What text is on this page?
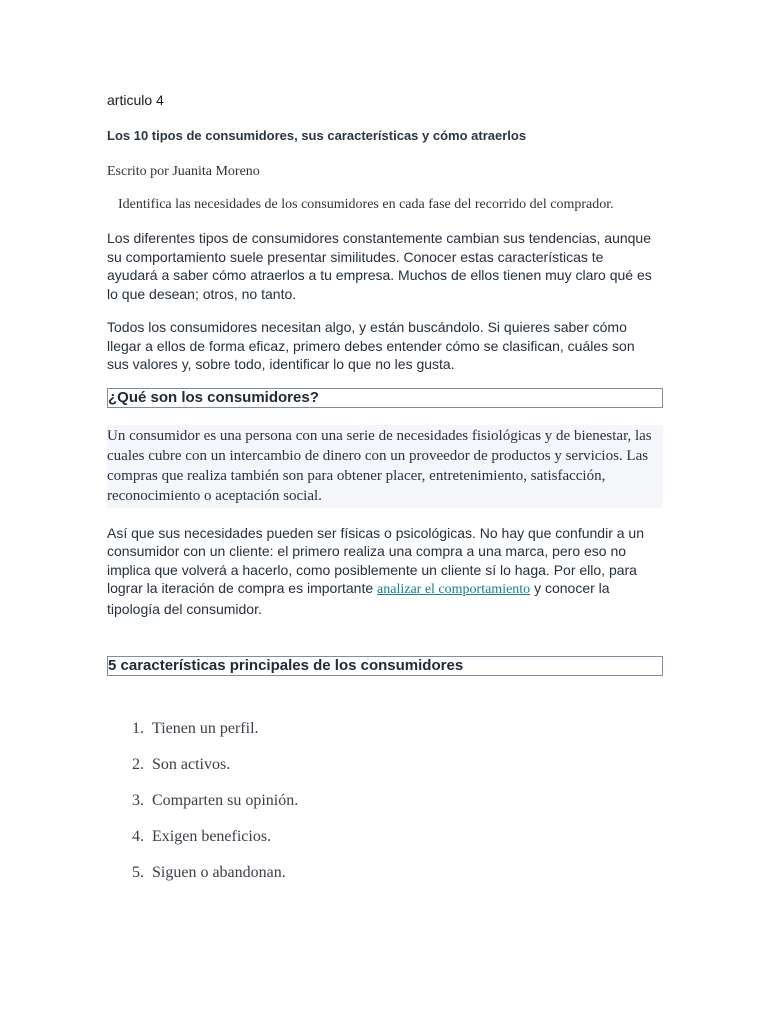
articulo 4

Los 10 tipos de consumidores, sus características y cómo atraerlos

Escrito por Juanita Moreno

Identifica las necesidades de los consumidores en cada fase del recorrido del comprador.

Los diferentes tipos de consumidores constantemente cambian sus tendencias, aunque su comportamiento suele presentar similitudes. Conocer estas características te ayudará a saber cómo atraerlos a tu empresa. Muchos de ellos tienen muy claro qué es lo que desean; otros, no tanto.

Todos los consumidores necesitan algo, y están buscándolo. Si quieres saber cómo llegar a ellos de forma eficaz, primero debes entender cómo se clasifican, cuáles son sus valores y, sobre todo, identificar lo que no les gusta.

¿Qué son los consumidores?
Un consumidor es una persona con una serie de necesidades fisiológicas y de bienestar, las cuales cubre con un intercambio de dinero con un proveedor de productos y servicios. Las compras que realiza también son para obtener placer, entretenimiento, satisfacción, reconocimiento o aceptación social.

Así que sus necesidades pueden ser físicas o psicológicas. No hay que confundir a un consumidor con un cliente: el primero realiza una compra a una marca, pero eso no implica que volverá a hacerlo, como posiblemente un cliente sí lo haga. Por ello, para lograr la iteración de compra es importante analizar el comportamiento y conocer la tipología del consumidor.

5 características principales de los consumidores
1. Tienen un perfil.
2. Son activos.
3. Comparten su opinión.
4. Exigen beneficios.
5. Siguen o abandonan.
